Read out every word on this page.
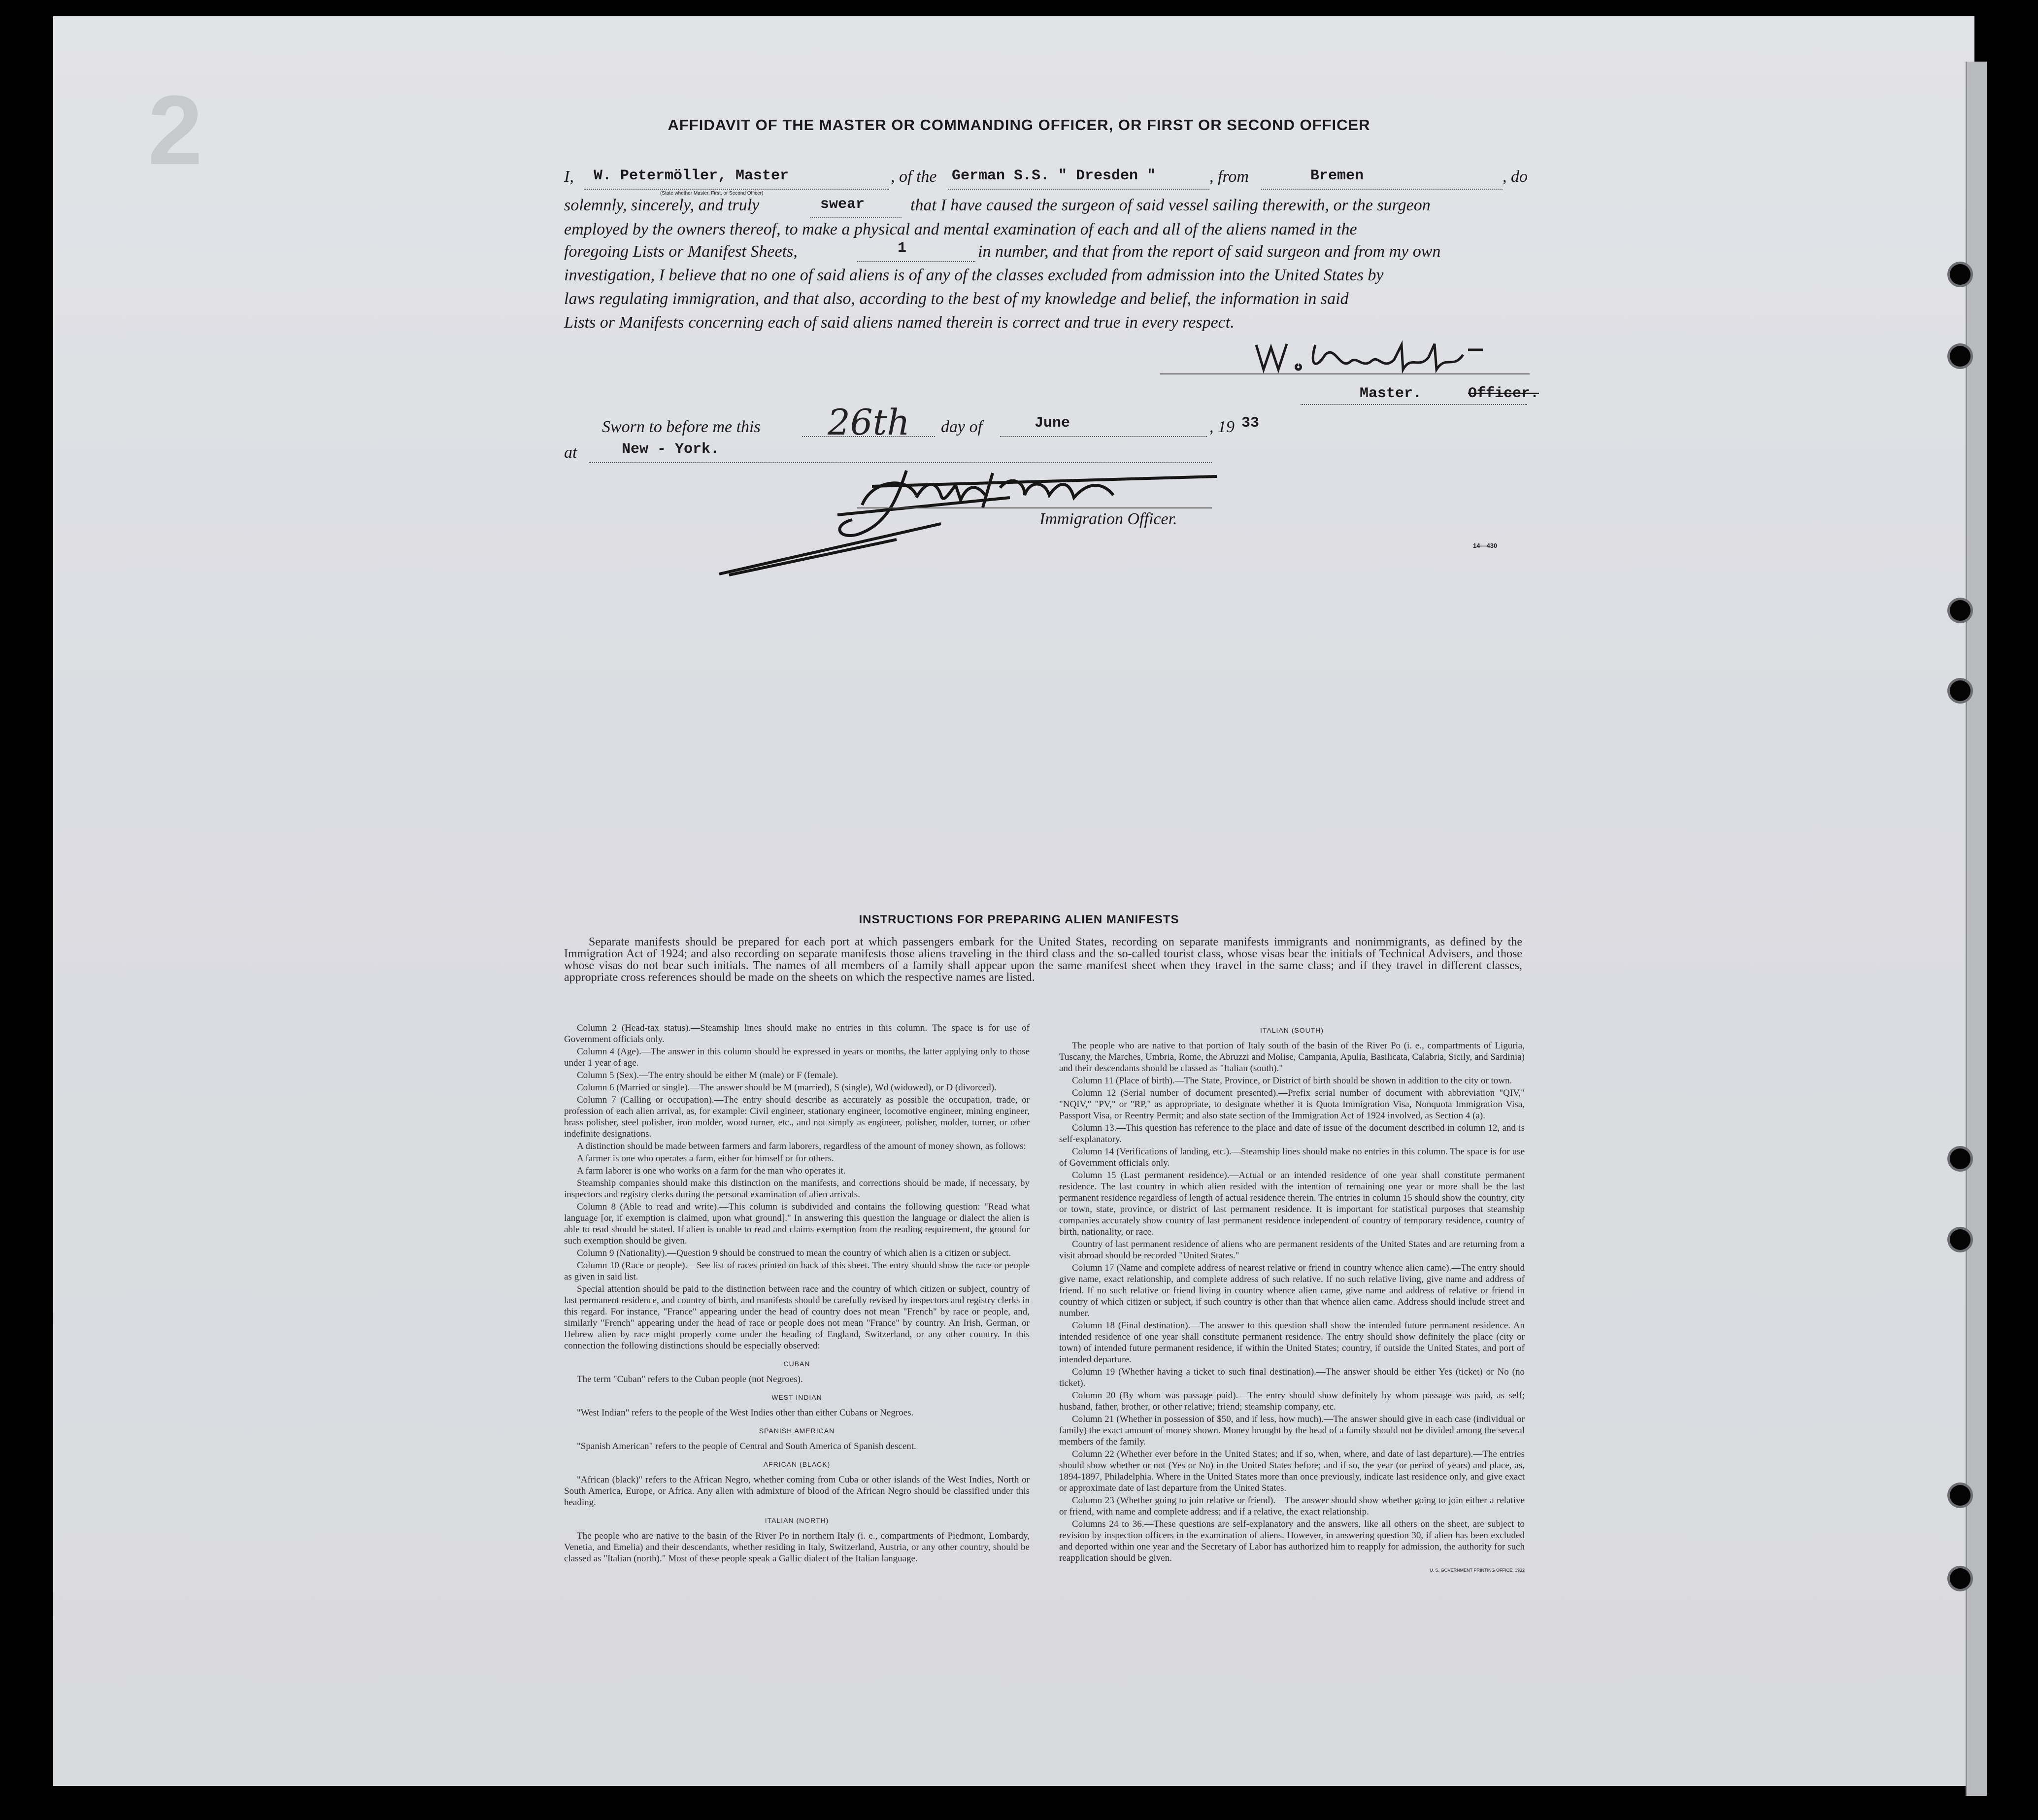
2	AFFIDAVIT OF THE MASTER OR COMMANDING OFFICER, OR FIRST OR SECOND OFFICER
I, W. Petermöller, Master
(State whether Master, First, or Second Officer)
, of the German S.S. " Dresden "	, from	Bremen	, do
solemnly, sincerely, and truly	swear	that I have caused the surgeon of said vessel sailing therewith, or the surgeon
employed by the owners thereof, to make a physical and mental examination of each and all of the aliens named in the
foregoing Lists or Manifest Sheets,	1	in number, and that from the report of said surgeon and from my own
investigation, I believe that no one of said aliens is of any of the classes excluded from admission into the United States by
laws regulating immigration, and that also, according to the best of my knowledge and belief, the information in said
Lists or Manifests concerning each of said aliens named therein is correct and true in every respect.
Master.	Officer.
Sworn to before me this 26th day of	June	, 19 33
at	New - York.
Immigration Officer.
14—430
INSTRUCTIONS FOR PREPARING ALIEN MANIFESTS

Separate manifests should be prepared for each port at which passengers embark for the United States, recording on separate manifests immigrants and nonimmigrants, as defined by the Immigration Act of 1924; and also recording on separate manifests those aliens traveling in the third class and the so-called tourist class, whose visas bear the initials of Technical Advisers, and those whose visas do not bear such initials. The names of all members of a family shall appear upon the same manifest sheet when they travel in the same class; and if they travel in different classes, appropriate cross references should be made on the sheets on which the respective names are listed.

Column 2 (Head-tax status).—Steamship lines should make no entries in this column. The space is for use of Government officials only.

Column 4 (Age).—The answer in this column should be expressed in years or months, the latter applying only to those under 1 year of age.

Column 5 (Sex).—The entry should be either M (male) or F (female).

Column 6 (Married or single).—The answer should be M (married), S (single), Wd (widowed), or D (divorced).

Column 7 (Calling or occupation).—The entry should describe as accurately as possible the occupation, trade, or profession of each alien arrival, as, for example: Civil engineer, stationary engineer, locomotive engineer, mining engineer, brass polisher, steel polisher, iron molder, wood turner, etc., and not simply as engineer, polisher, molder, turner, or other indefinite designations.

A distinction should be made between farmers and farm laborers, regardless of the amount of money shown, as follows:

A farmer is one who operates a farm, either for himself or for others.

A farm laborer is one who works on a farm for the man who operates it.

Steamship companies should make this distinction on the manifests, and corrections should be made, if necessary, by inspectors and registry clerks during the personal examination of alien arrivals.

Column 8 (Able to read and write).—This column is subdivided and contains the following question: "Read what language [or, if exemption is claimed, upon what ground]." In answering this question the language or dialect the alien is able to read should be stated. If alien is unable to read and claims exemption from the reading requirement, the ground for such exemption should be given.

Column 9 (Nationality).—Question 9 should be construed to mean the country of which alien is a citizen or subject.

Column 10 (Race or people).—See list of races printed on back of this sheet. The entry should show the race or people as given in said list.

Special attention should be paid to the distinction between race and the country of which citizen or subject, country of last permanent residence, and country of birth, and manifests should be carefully revised by inspectors and registry clerks in this regard. For instance, "France" appearing under the head of country does not mean "French" by race or people, and, similarly "French" appearing under the head of race or people does not mean "France" by country. An Irish, German, or Hebrew alien by race might properly come under the heading of England, Switzerland, or any other country. In this connection the following distinctions should be especially observed:

CUBAN

The term "Cuban" refers to the Cuban people (not Negroes).

WEST INDIAN

"West Indian" refers to the people of the West Indies other than either Cubans or Negroes.

SPANISH AMERICAN

"Spanish American" refers to the people of Central and South America of Spanish descent.

AFRICAN (BLACK)

"African (black)" refers to the African Negro, whether coming from Cuba or other islands of the West Indies, North or South America, Europe, or Africa. Any alien with admixture of blood of the African Negro should be classified under this heading.

ITALIAN (NORTH)

The people who are native to the basin of the River Po in northern Italy (i. e., compartments of Piedmont, Lombardy, Venetia, and Emelia) and their descendants, whether residing in Italy, Switzerland, Austria, or any other country, should be classed as "Italian (north)." Most of these people speak a Gallic dialect of the Italian language.

ITALIAN (SOUTH)

The people who are native to that portion of Italy south of the basin of the River Po (i. e., compartments of Liguria, Tuscany, the Marches, Umbria, Rome, the Abruzzi and Molise, Campania, Apulia, Basilicata, Calabria, Sicily, and Sardinia) and their descendants should be classed as "Italian (south)."

Column 11 (Place of birth).—The State, Province, or District of birth should be shown in addition to the city or town.

Column 12 (Serial number of document presented).—Prefix serial number of document with abbreviation "QIV," "NQIV," "PV," or "RP," as appropriate, to designate whether it is Quota Immigration Visa, Nonquota Immigration Visa, Passport Visa, or Reentry Permit; and also state section of the Immigration Act of 1924 involved, as Section 4 (a).

Column 13.—This question has reference to the place and date of issue of the document described in column 12, and is self-explanatory.

Column 14 (Verifications of landing, etc.).—Steamship lines should make no entries in this column. The space is for use of Government officials only.

Column 15 (Last permanent residence).—Actual or an intended residence of one year shall constitute permanent residence. The last country in which alien resided with the intention of remaining one year or more shall be the last permanent residence regardless of length of actual residence therein. The entries in column 15 should show the country, city or town, state, province, or district of last permanent residence. It is important for statistical purposes that steamship companies accurately show country of last permanent residence independent of country of temporary residence, country of birth, nationality, or race.

Country of last permanent residence of aliens who are permanent residents of the United States and are returning from a visit abroad should be recorded "United States."

Column 17 (Name and complete address of nearest relative or friend in country whence alien came).—The entry should give name, exact relationship, and complete address of such relative. If no such relative living, give name and address of friend. If no such relative or friend living in country whence alien came, give name and address of relative or friend in country of which citizen or subject, if such country is other than that whence alien came. Address should include street and number.

Column 18 (Final destination).—The answer to this question shall show the intended future permanent residence. An intended residence of one year shall constitute permanent residence. The entry should show definitely the place (city or town) of intended future permanent residence, if within the United States; country, if outside the United States, and port of intended departure.

Column 19 (Whether having a ticket to such final destination).—The answer should be either Yes (ticket) or No (no ticket).

Column 20 (By whom was passage paid).—The entry should show definitely by whom passage was paid, as self; husband, father, brother, or other relative; friend; steamship company, etc.

Column 21 (Whether in possession of $50, and if less, how much).—The answer should give in each case (individual or family) the exact amount of money shown. Money brought by the head of a family should not be divided among the several members of the family.

Column 22 (Whether ever before in the United States; and if so, when, where, and date of last departure).—The entries should show whether or not (Yes or No) in the United States before; and if so, the year (or period of years) and place, as, 1894-1897, Philadelphia. Where in the United States more than once previously, indicate last residence only, and give exact or approximate date of last departure from the United States.

Column 23 (Whether going to join relative or friend).—The answer should show whether going to join either a relative or friend, with name and complete address; and if a relative, the exact relationship.

Columns 24 to 36.—These questions are self-explanatory and the answers, like all others on the sheet, are subject to revision by inspection officers in the examination of aliens. However, in answering question 30, if alien has been excluded and deported within one year and the Secretary of Labor has authorized him to reapply for admission, the authority for such reapplication should be given.

U. S. GOVERNMENT PRINTING OFFICE: 1932
